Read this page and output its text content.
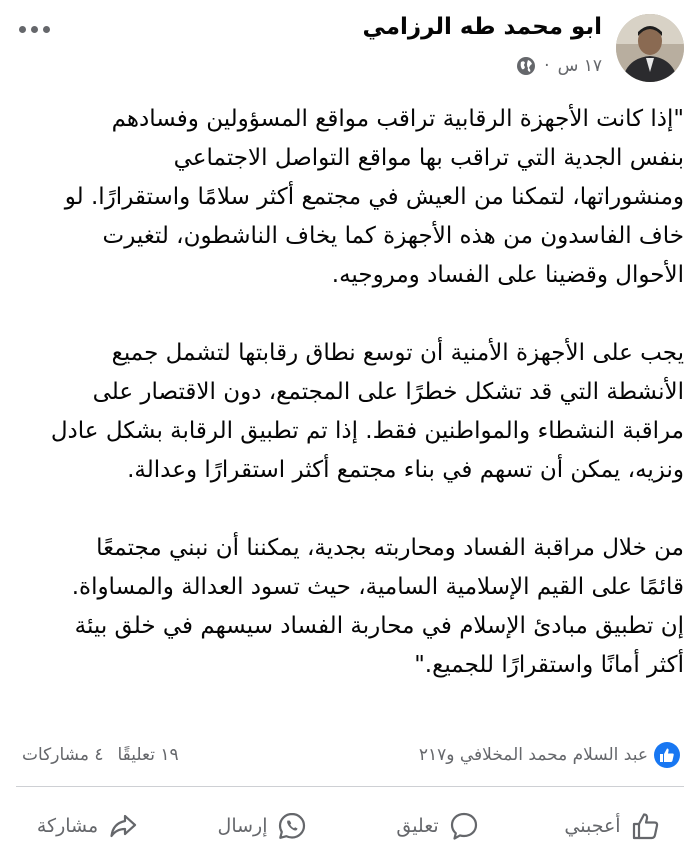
ابو محمد طه الرزامي
١٧ س
·

"إذا كانت الأجهزة الرقابية تراقب مواقع المسؤولين وفسادهم
بنفس الجدية التي تراقب بها مواقع التواصل الاجتماعي
ومنشوراتها، لتمكنا من العيش في مجتمع أكثر سلامًا واستقرارًا. لو
خاف الفاسدون من هذه الأجهزة كما يخاف الناشطون، لتغيرت
الأحوال وقضينا على الفساد ومروجيه.

يجب على الأجهزة الأمنية أن توسع نطاق رقابتها لتشمل جميع
الأنشطة التي قد تشكل خطرًا على المجتمع، دون الاقتصار على
مراقبة النشطاء والمواطنين فقط. إذا تم تطبيق الرقابة بشكل عادل
ونزيه، يمكن أن تسهم في بناء مجتمع أكثر استقرارًا وعدالة.

من خلال مراقبة الفساد ومحاربته بجدية، يمكننا أن نبني مجتمعًا
قائمًا على القيم الإسلامية السامية، حيث تسود العدالة والمساواة.
إن تطبيق مبادئ الإسلام في محاربة الفساد سيسهم في خلق بيئة
أكثر أمانًا واستقرارًا للجميع."

١٩ تعليقًا
٤ مشاركات	عبد السلام محمد المخلافي و٢١٧
أعجبني
تعليق
إرسال
مشاركة
